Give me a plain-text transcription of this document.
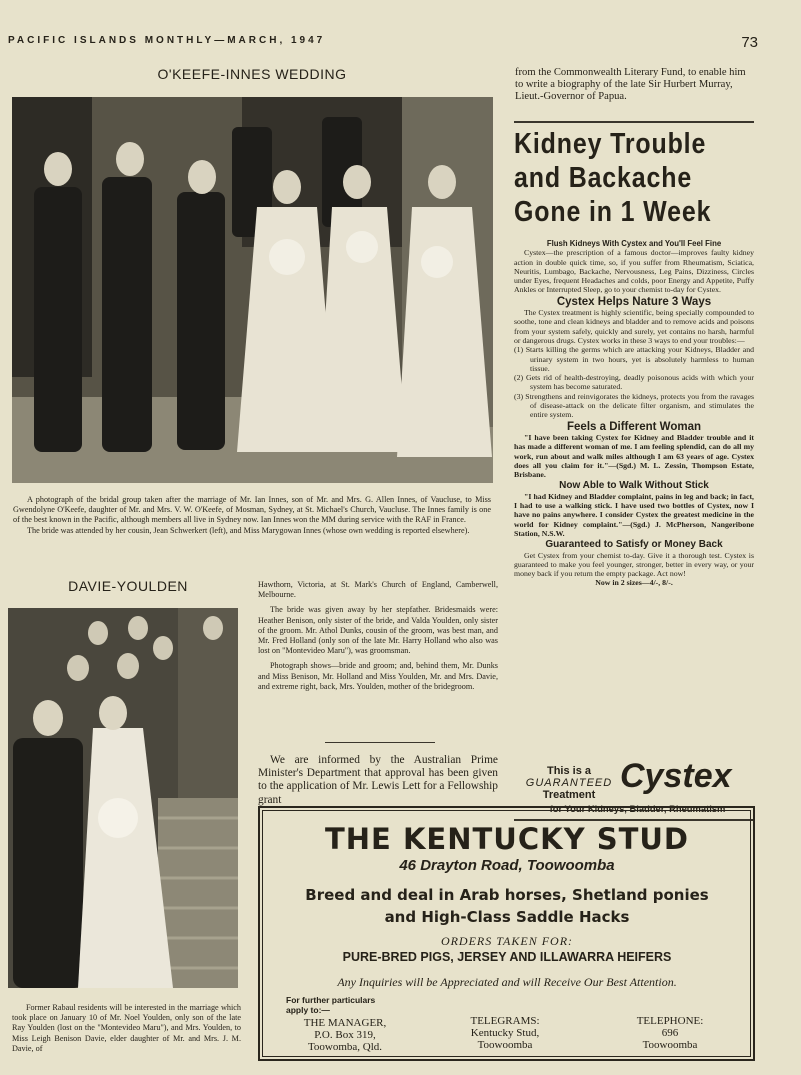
PACIFIC ISLANDS MONTHLY—MARCH, 1947	73
O'KEEFE-INNES WEDDING

A photograph of the bridal group taken after the marriage of Mr. Ian Innes, son of Mr. and Mrs. G. Allen Innes, of Vaucluse, to Miss Gwendolyne O'Keefe, daughter of Mr. and Mrs. V. W. O'Keefe, of Mosman, Sydney, at St. Michael's Church, Vaucluse. The Innes family is one of the best known in the Pacific, although members all live in Sydney now. Ian Innes won the MM during service with the RAF in France.

The bride was attended by her cousin, Jean Schwerkert (left), and Miss Marygowan Innes (whose own wedding is reported elsewhere).

DAVIE-YOULDEN

Former Rabaul residents will be interested in the marriage which took place on January 10 of Mr. Noel Youlden, only son of the late Ray Youlden (lost on the "Montevideo Maru"), and Mrs. Youlden, to Miss Leigh Benison Davie, elder daughter of Mr. and Mrs. J. M. Davie, of

Hawthorn, Victoria, at St. Mark's Church of England, Camberwell, Melbourne.

The bride was given away by her stepfather. Bridesmaids were: Heather Benison, only sister of the bride, and Valda Youlden, only sister of the groom. Mr. Athol Dunks, cousin of the groom, was best man, and Mr. Fred Holland (only son of the late Mr. Harry Holland who also was lost on "Montevideo Maru"), was groomsman.

Photograph shows—bride and groom; and, behind them, Mr. Dunks and Miss Benison, Mr. Holland and Miss Youlden, Mr. and Mrs. Davie, and extreme right, back, Mrs. Youlden, mother of the bridegroom.

We are informed by the Australian Prime Minister's Department that approval has been given to the application of Mr. Lewis Lett for a Fellowship grant
from the Commonwealth Literary Fund, to enable him to write a biography of the late Sir Hurbert Murray, Lieut.-Governor of Papua.
Kidney Trouble
and Backache
Gone in 1 Week

Flush Kidneys With Cystex and You'll Feel Fine

Cystex—the prescription of a famous doctor—improves faulty kidney action in double quick time, so, if you suffer from Rheumatism, Sciatica, Neuritis, Lumbago, Backache, Nervousness, Leg Pains, Dizziness, Circles under Eyes, frequent Headaches and colds, poor Energy and Appetite, Puffy Ankles or Interrupted Sleep, go to your chemist to-day for Cystex.

Cystex Helps Nature 3 Ways

The Cystex treatment is highly scientific, being specially compounded to soothe, tone and clean kidneys and bladder and to remove acids and poisons from your system safely, quickly and surely, yet contains no harsh, harmful or dangerous drugs. Cystex works in these 3 ways to end your troubles:—

(1) Starts killing the germs which are attacking your Kidneys, Bladder and urinary system in two hours, yet is absolutely harmless to human tissue.

(2) Gets rid of health-destroying, deadly poisonous acids with which your system has become saturated.

(3) Strengthens and reinvigorates the kidneys, protects you from the ravages of disease-attack on the delicate filter organism, and stimulates the entire system.

Feels a Different Woman

"I have been taking Cystex for Kidney and Bladder trouble and it has made a different woman of me. I am feeling splendid, can do all my work, run about and walk miles although I am 63 years of age. Cystex does all you claim for it."—(Sgd.) M. L. Zessin, Thompson Estate, Brisbane.

Now Able to Walk Without Stick

"I had Kidney and Bladder complaint, pains in leg and back; in fact, I had to use a walking stick. I have used two bottles of Cystex, now I have no pains anywhere. I consider Cystex the greatest medicine in the world for Kidney complaint."—(Sgd.) J. McPherson, Nangeribone Station, N.S.W.

Guaranteed to Satisfy or Money Back

Get Cystex from your chemist to-day. Give it a thorough test. Cystex is guaranteed to make you feel younger, stronger, better in every way, or your money back if you return the empty package. Act now!

Now in 2 sizes—4/-, 8/-.

This is a
GUARANTEED
Treatment Cystex
for Your Kidneys, Bladder, Rheumatism
THE KENTUCKY STUD
46 Drayton Road, Toowoomba
Breed and deal in Arab horses, Shetland ponies
and High-Class Saddle Hacks
ORDERS TAKEN FOR:
PURE-BRED PIGS, JERSEY AND ILLAWARRA HEIFERS
Any Inquiries will be Appreciated and will Receive Our Best Attention.
For further particulars
apply to:—
THE MANAGER,
P.O. Box 319,
Toowomba, Qld.
TELEGRAMS:
Kentucky Stud,
Toowoomba
TELEPHONE:
696
Toowoomba
